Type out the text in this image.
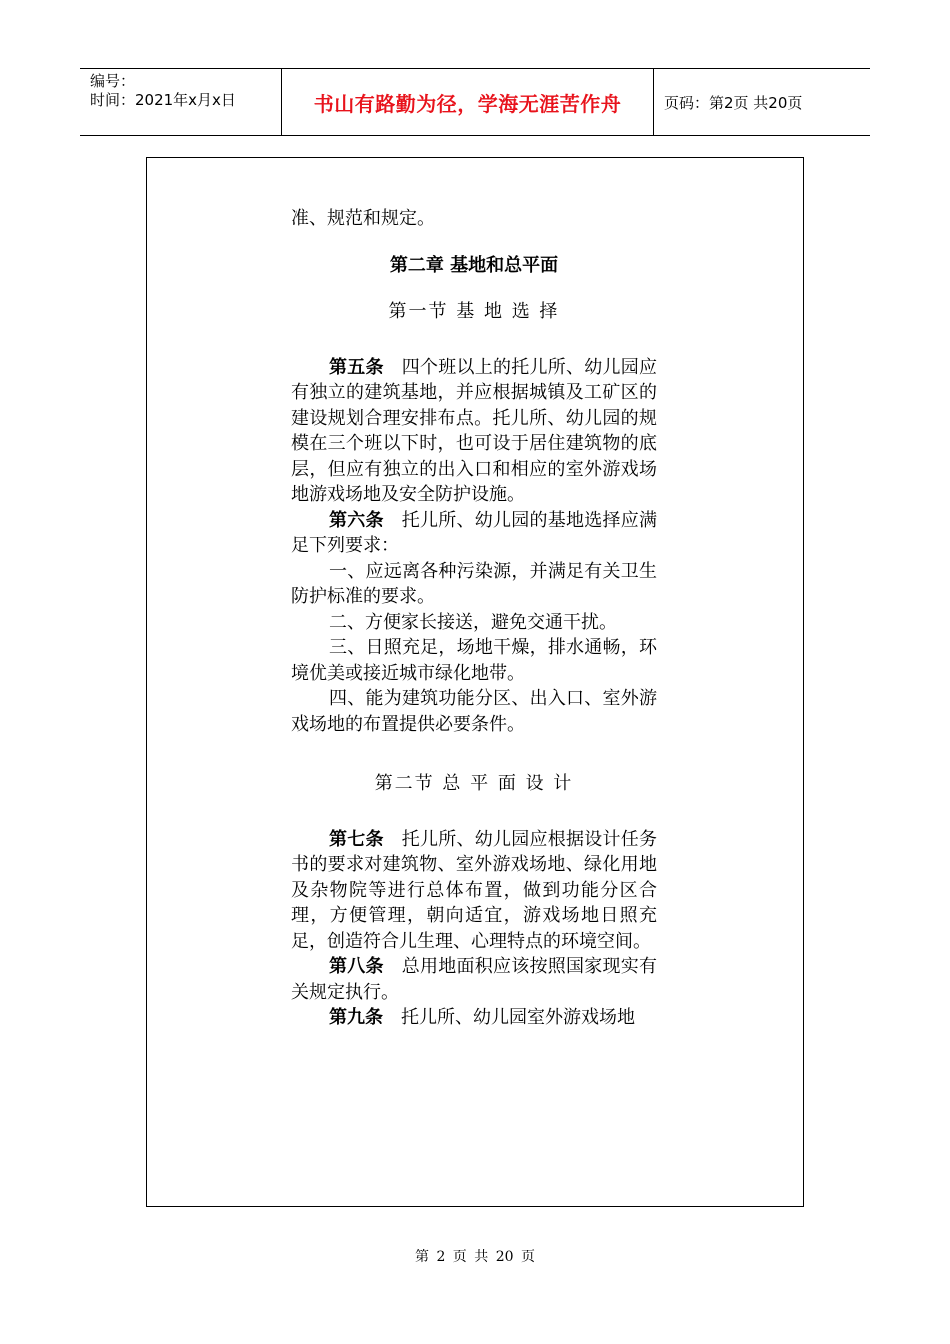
编号：
时间：2021年x月x日	书山有路勤为径，学海无涯苦作舟	页码：第2页 共20页

准、规范和规定。

第二章 基地和总平面

第一节 基 地 选 择

第五条 四个班以上的托儿所、幼儿园应有独立的建筑基地，并应根据城镇及工矿区的建设规划合理安排布点。托儿所、幼儿园的规模在三个班以下时，也可设于居住建筑物的底层，但应有独立的出入口和相应的室外游戏场地游戏场地及安全防护设施。

第六条 托儿所、幼儿园的基地选择应满足下列要求：

一、应远离各种污染源，并满足有关卫生防护标准的要求。

二、方便家长接送，避免交通干扰。

三、日照充足，场地干燥，排水通畅，环境优美或接近城市绿化地带。

四、能为建筑功能分区、出入口、室外游戏场地的布置提供必要条件。

第二节 总 平 面 设 计

第七条 托儿所、幼儿园应根据设计任务书的要求对建筑物、室外游戏场地、绿化用地及杂物院等进行总体布置，做到功能分区合理，方便管理，朝向适宜，游戏场地日照充足，创造符合儿生理、心理特点的环境空间。

第八条 总用地面积应该按照国家现实有关规定执行。

第九条 托儿所、幼儿园室外游戏场地

第 2 页 共 20 页
